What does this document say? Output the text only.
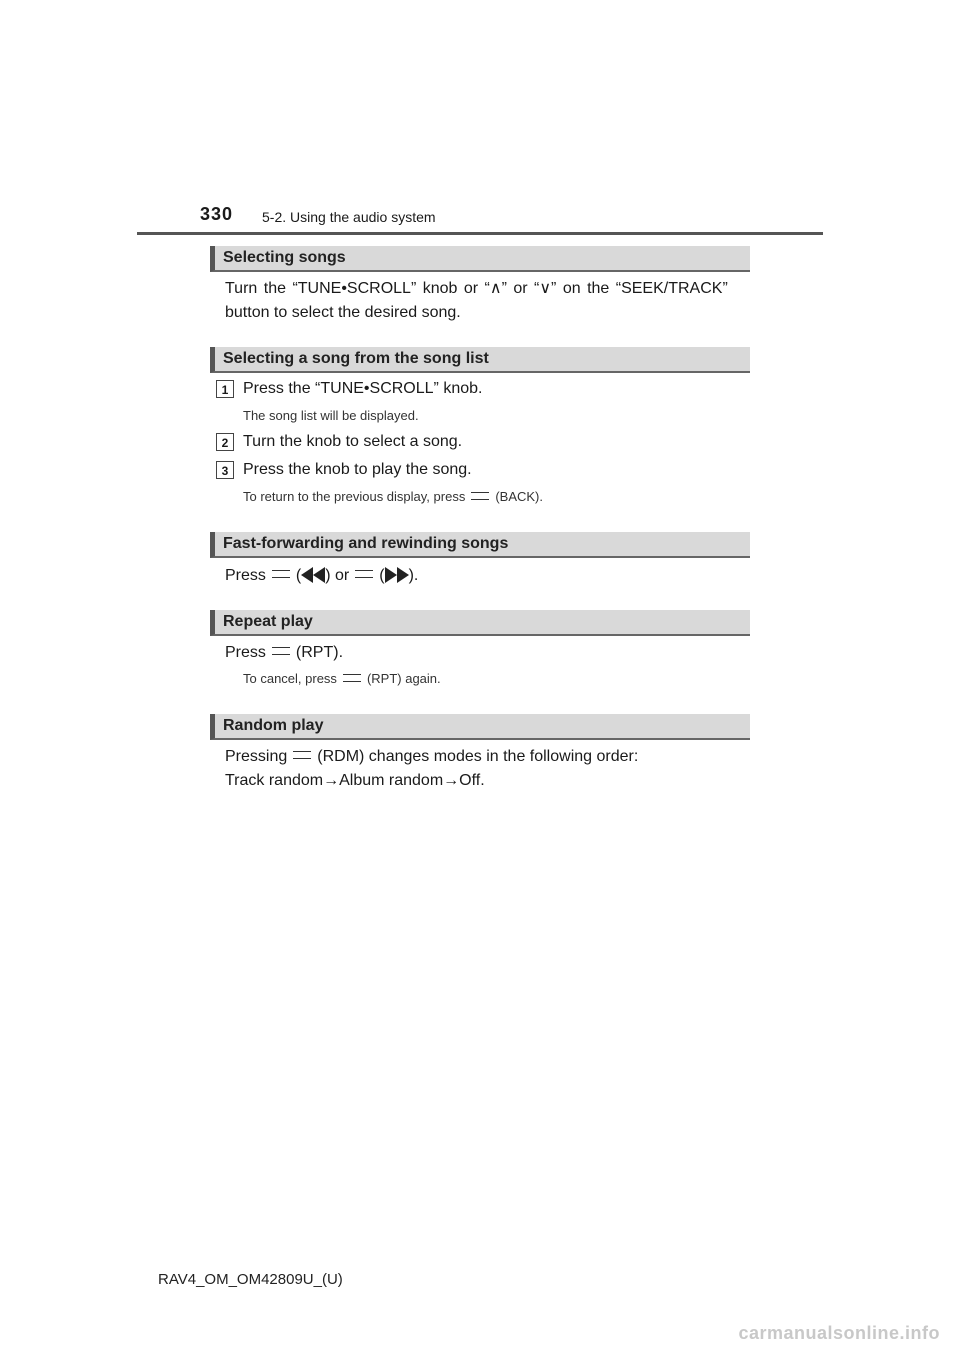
330 5-2. Using the audio system
Selecting songs
Turn the “TUNE•SCROLL” knob or “∧” or “∨” on the “SEEK/TRACK”
button to select the desired song.
Selecting a song from the song list
1 Press the “TUNE•SCROLL” knob.
The song list will be displayed.
2 Turn the knob to select a song.
3 Press the knob to play the song.
To return to the previous display, press (BACK).
Fast-forwarding and rewinding songs
Press ( ) or ( ).
Repeat play
Press (RPT).
To cancel, press (RPT) again.
Random play
Pressing (RDM) changes modes in the following order:
Track random→Album random→Off.
RAV4_OM_OM42809U_(U)
carmanualsonline.info
